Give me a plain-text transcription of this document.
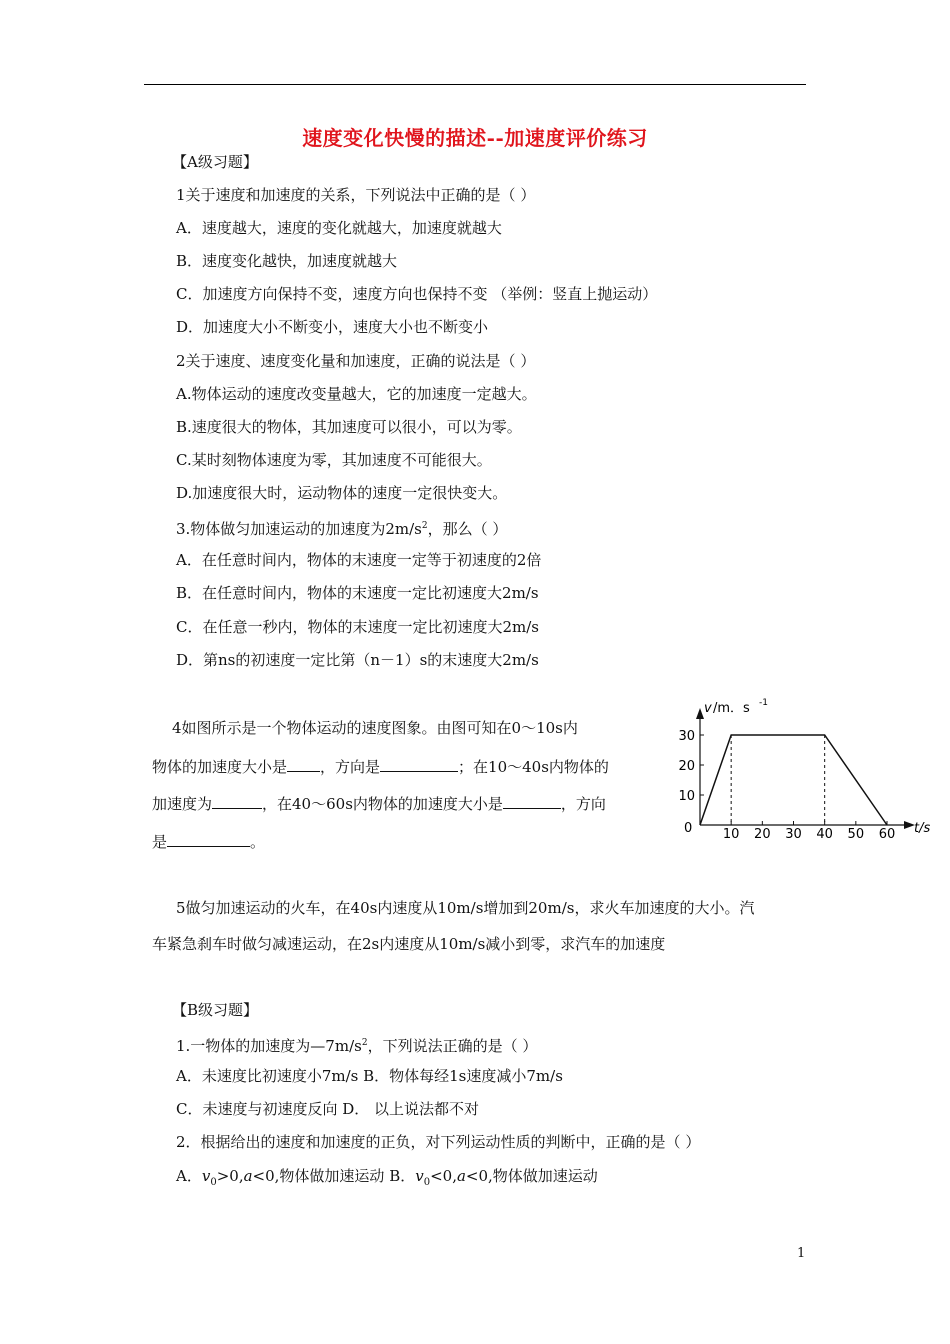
速度变化快慢的描述--加速度评价练习
【A级习题】
1关于速度和加速度的关系，下列说法中正确的是（ ）
A．速度越大，速度的变化就越大，加速度就越大
B．速度变化越快，加速度就越大
C．加速度方向保持不变，速度方向也保持不变 （举例：竖直上抛运动）
D．加速度大小不断变小，速度大小也不断变小
2关于速度、速度变化量和加速度，正确的说法是（ ）
A.物体运动的速度改变量越大，它的加速度一定越大。
B.速度很大的物体，其加速度可以很小，可以为零。
C.某时刻物体速度为零，其加速度不可能很大。
D.加速度很大时，运动物体的速度一定很快变大。
3.物体做匀加速运动的加速度为$2m/s^2$，那么（ ）
A．在任意时间内，物体的末速度一定等于初速度的2倍
B．在任意时间内，物体的末速度一定比初速度大2m/s
C．在任意一秒内，物体的末速度一定比初速度大2m/s
D．第ns的初速度一定比第（n－1）s的末速度大2m/s
4如图所示是一个物体运动的速度图象。由图可知在0～10s内
物体的加速度大小是 ，方向是	；在10～40s内物体的
加速度为	，在40～60s内物体的加速度大小是	，方向
是	。
v /m．s -1
t/s
0 10 20 30 40 50 60
30
20
10
5做匀加速运动的火车，在40s内速度从10m/s增加到20m/s，求火车加速度的大小。汽
车紧急刹车时做匀减速运动，在2s内速度从10m/s减小到零，求汽车的加速度
【B级习题】
1.一物体的加速度为$—7m/s^2$，下列说法正确的是（ ）
A．未速度比初速度小7m/s B．物体每经1s速度减小7m/s
C．未速度与初速度反向 D． 以上说法都不对
2．根据给出的速度和加速度的正负，对下列运动性质的判断中，正确的是（ ）
A．$v_0>0,a<0$,物体做加速运动 B．$v_0<0,a<0$,物体做加速运动
1
